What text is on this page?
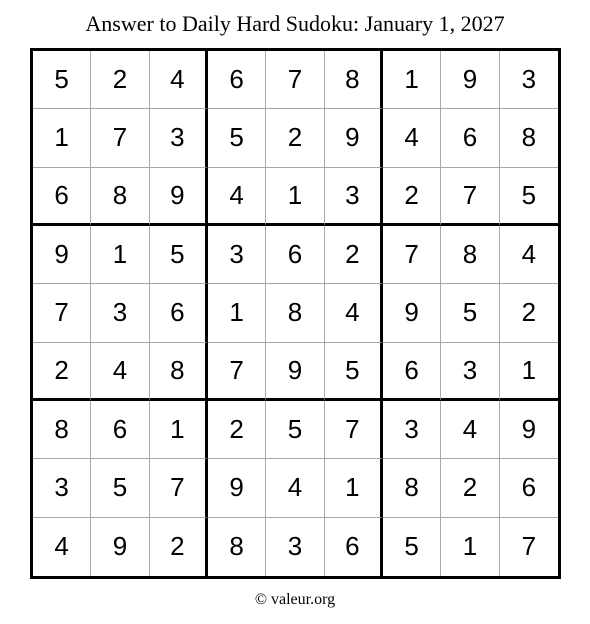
Answer to Daily Hard Sudoku: January 1, 2027
5	2	4	6	7	8	1	9	3
1	7	3	5	2	9	4	6	8
6	8	9	4	1	3	2	7	5
9	1	5	3	6	2	7	8	4
7	3	6	1	8	4	9	5	2
2	4	8	7	9	5	6	3	1
8	6	1	2	5	7	3	4	9
3	5	7	9	4	1	8	2	6
4	9	2	8	3	6	5	1	7
© valeur.org
